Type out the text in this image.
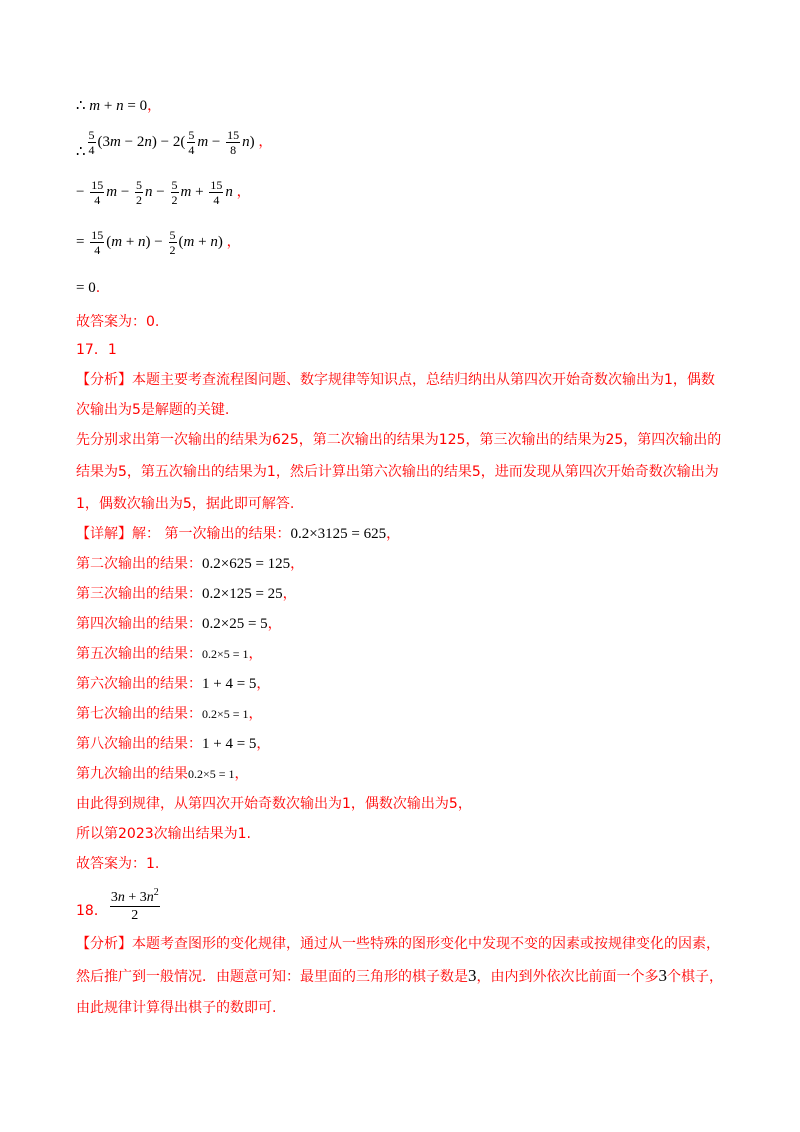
∴ m + n = 0，
∴ $\frac{5}{4} (3m - 2n) - 2( \frac{5}{4}$ $m - \frac{15}{8} n$) ，
− $\frac{15}{4}$ $m - \frac{5}{2}$ $n - \frac{5}{2}$ $m + \frac{15}{4}$ n ，
= $\frac{15}{4} (m + n) - \frac{5}{2} (m + n)$ ，
= 0.
故答案为：0.
17．1
【分析】本题主要考查流程图问题、数字规律等知识点，总结归纳出从第四次开始奇数次输出为1，偶数
次输出为5是解题的关键.
先分别求出第一次输出的结果为625，第二次输出的结果为125，第三次输出的结果为25，第四次输出的
结果为5，第五次输出的结果为1，然后计算出第六次输出的结果5，进而发现从第四次开始奇数次输出为
1，偶数次输出为5，据此即可解答.
【详解】解： 第一次输出的结果：0.2×3125 = 625，
第二次输出的结果：0.2×625 = 125，
第三次输出的结果：0.2×125 = 25，
第四次输出的结果：0.2×25 = 5，
第五次输出的结果：0.2×5 = 1，
第六次输出的结果：1 + 4 = 5，
第七次输出的结果：0.2×5 = 1，
第八次输出的结果：1 + 4 = 5，
第九次输出的结果0.2×5 = 1，
由此得到规律，从第四次开始奇数次输出为1，偶数次输出为5，
所以第2023次输出结果为1.
故答案为：1.
18． $\frac{3n + 3n^2}{2}$
【分析】本题考查图形的变化规律，通过从一些特殊的图形变化中发现不变的因素或按规律变化的因素，
然后推广到一般情况．由题意可知：最里面的三角形的棋子数是3，由内到外依次比前面一个多3个棋子，
由此规律计算得出棋子的数即可.
